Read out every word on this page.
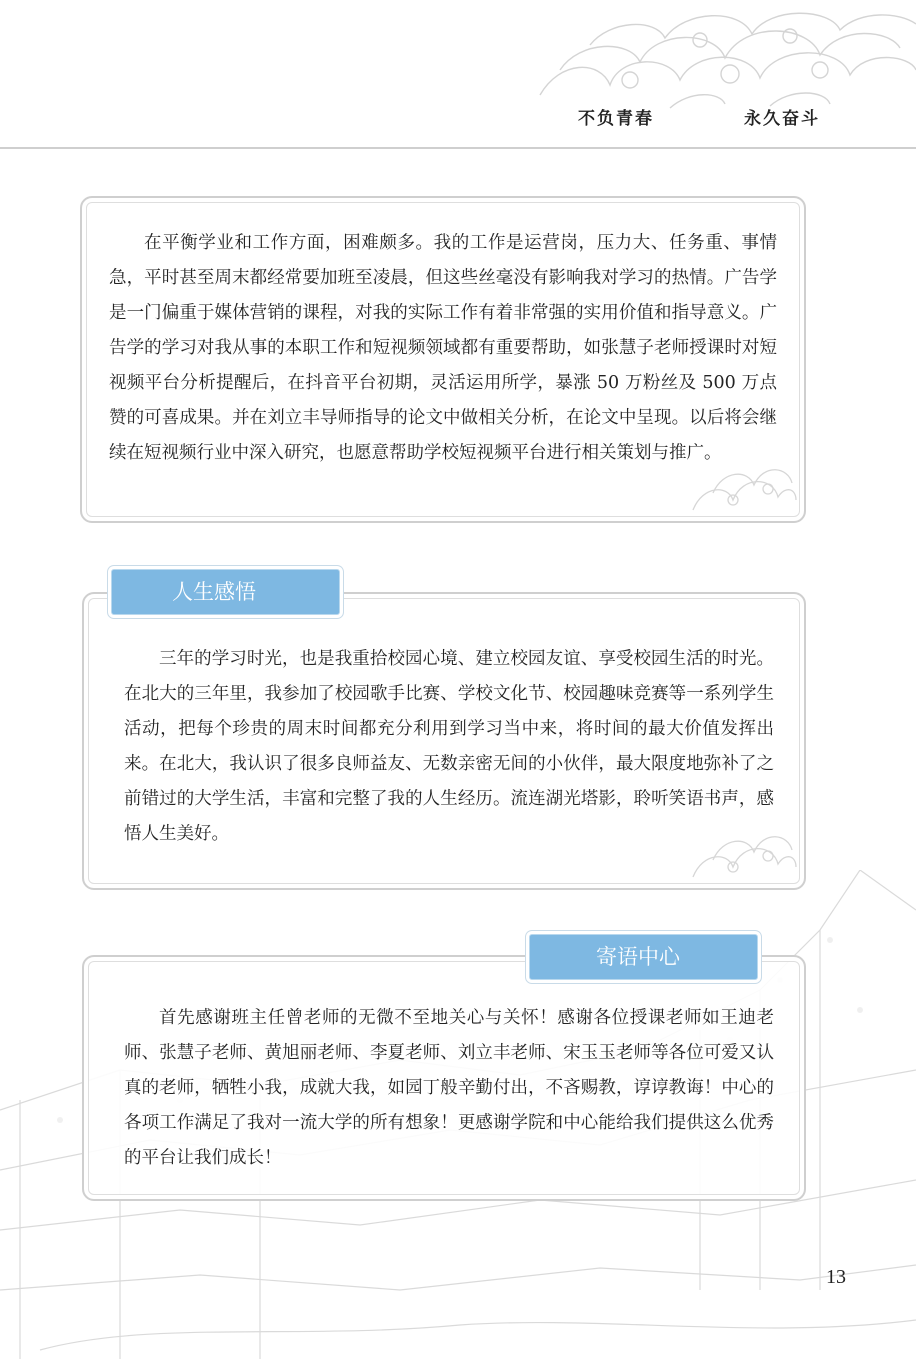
不负青春	永久奋斗

在平衡学业和工作方面，困难颇多。我的工作是运营岗，压力大、任务重、事情急，平时甚至周末都经常要加班至凌晨，但这些丝毫没有影响我对学习的热情。广告学是一门偏重于媒体营销的课程，对我的实际工作有着非常强的实用价值和指导意义。广告学的学习对我从事的本职工作和短视频领域都有重要帮助，如张慧子老师授课时对短视频平台分析提醒后，在抖音平台初期，灵活运用所学，暴涨 50 万粉丝及 500 万点赞的可喜成果。并在刘立丰导师指导的论文中做相关分析，在论文中呈现。以后将会继续在短视频行业中深入研究，也愿意帮助学校短视频平台进行相关策划与推广。

三年的学习时光，也是我重拾校园心境、建立校园友谊、享受校园生活的时光。在北大的三年里，我参加了校园歌手比赛、学校文化节、校园趣味竞赛等一系列学生活动，把每个珍贵的周末时间都充分利用到学习当中来，将时间的最大价值发挥出来。在北大，我认识了很多良师益友、无数亲密无间的小伙伴，最大限度地弥补了之前错过的大学生活，丰富和完整了我的人生经历。流连湖光塔影，聆听笑语书声，感悟人生美好。

人生感悟

首先感谢班主任曾老师的无微不至地关心与关怀！感谢各位授课老师如王迪老师、张慧子老师、黄旭丽老师、李夏老师、刘立丰老师、宋玉玉老师等各位可爱又认真的老师，牺牲小我，成就大我，如园丁般辛勤付出，不吝赐教，谆谆教诲！中心的各项工作满足了我对一流大学的所有想象！更感谢学院和中心能给我们提供这么优秀的平台让我们成长！

寄语中心
13
